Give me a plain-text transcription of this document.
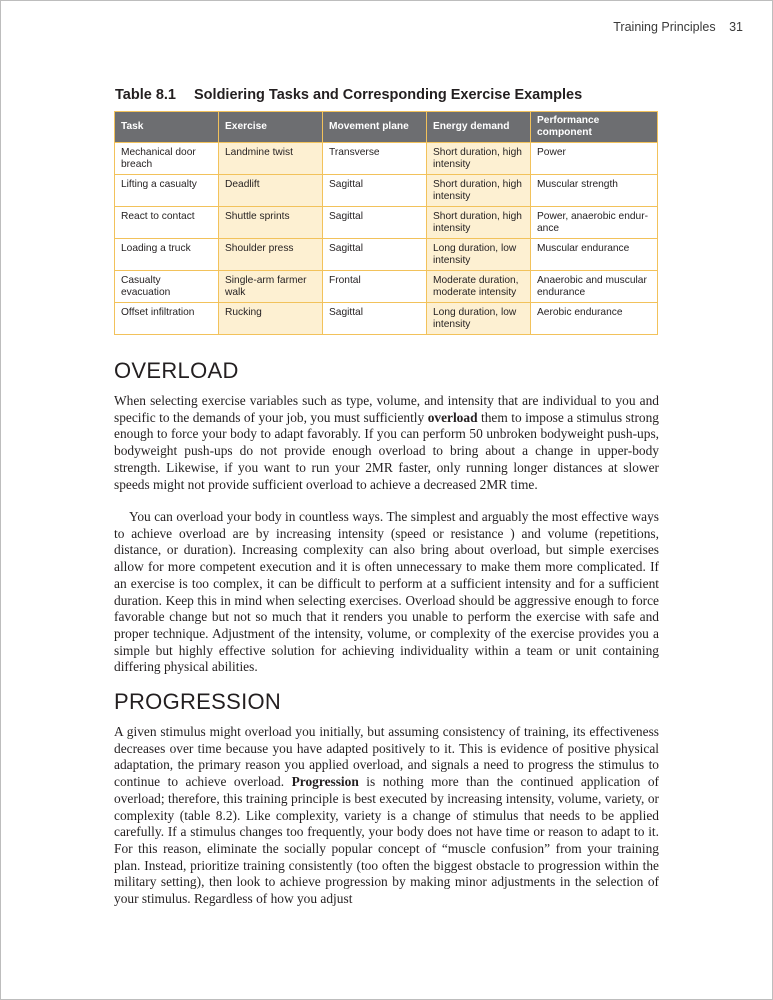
Training Principles 31
Table 8.1 Soldiering Tasks and Corresponding Exercise Examples
Task	Exercise	Movement plane	Energy demand	Performance component
Mechanical door breach	Landmine twist	Transverse	Short duration, high intensity	Power
Lifting a casualty	Deadlift	Sagittal	Short duration, high intensity	Muscular strength
React to contact	Shuttle sprints	Sagittal	Short duration, high intensity	Power, anaerobic endur-ance
Loading a truck	Shoulder press	Sagittal	Long duration, low intensity	Muscular endurance
Casualty evacuation	Single-arm farmer walk	Frontal	Moderate duration, moderate intensity	Anaerobic and muscular endurance
Offset infiltration	Rucking	Sagittal	Long duration, low intensity	Aerobic endurance
OVERLOAD

When selecting exercise variables such as type, volume, and intensity that are individual to you and specific to the demands of your job, you must sufficiently overload them to impose a stimulus strong enough to force your body to adapt favorably. If you can perform 50 unbroken bodyweight push-ups, bodyweight push-ups do not provide enough overload to bring about a change in upper-body strength. Likewise, if you want to run your 2MR faster, only running longer distances at slower speeds might not provide sufficient overload to achieve a decreased 2MR time.

You can overload your body in countless ways. The simplest and arguably the most effective ways to achieve overload are by increasing intensity (speed or resistance ) and volume (repetitions, distance, or duration). Increasing complexity can also bring about overload, but simple exercises allow for more competent execution and it is often unnecessary to make them more complicated. If an exercise is too complex, it can be difficult to perform at a sufficient intensity and for a sufficient duration. Keep this in mind when selecting exercises. Overload should be aggressive enough to force favorable change but not so much that it renders you unable to perform the exercise with safe and proper technique. Adjustment of the intensity, volume, or complexity of the exercise provides you a simple but highly effective solution for achieving individuality within a team or unit containing differing physical abilities.

PROGRESSION

A given stimulus might overload you initially, but assuming consistency of training, its effectiveness decreases over time because you have adapted positively to it. This is evidence of positive physical adaptation, the primary reason you applied overload, and signals a need to progress the stimulus to continue to achieve overload. Progression is nothing more than the continued application of overload; therefore, this training principle is best executed by increasing intensity, volume, variety, or complexity (table 8.2). Like complexity, variety is a change of stimulus that needs to be applied carefully. If a stimulus changes too frequently, your body does not have time or reason to adapt to it. For this reason, eliminate the socially popular concept of “muscle confusion” from your training plan. Instead, prioritize training consistently (too often the biggest obstacle to progression within the military setting), then look to achieve progression by making minor adjustments in the selection of your stimulus. Regardless of how you adjust
